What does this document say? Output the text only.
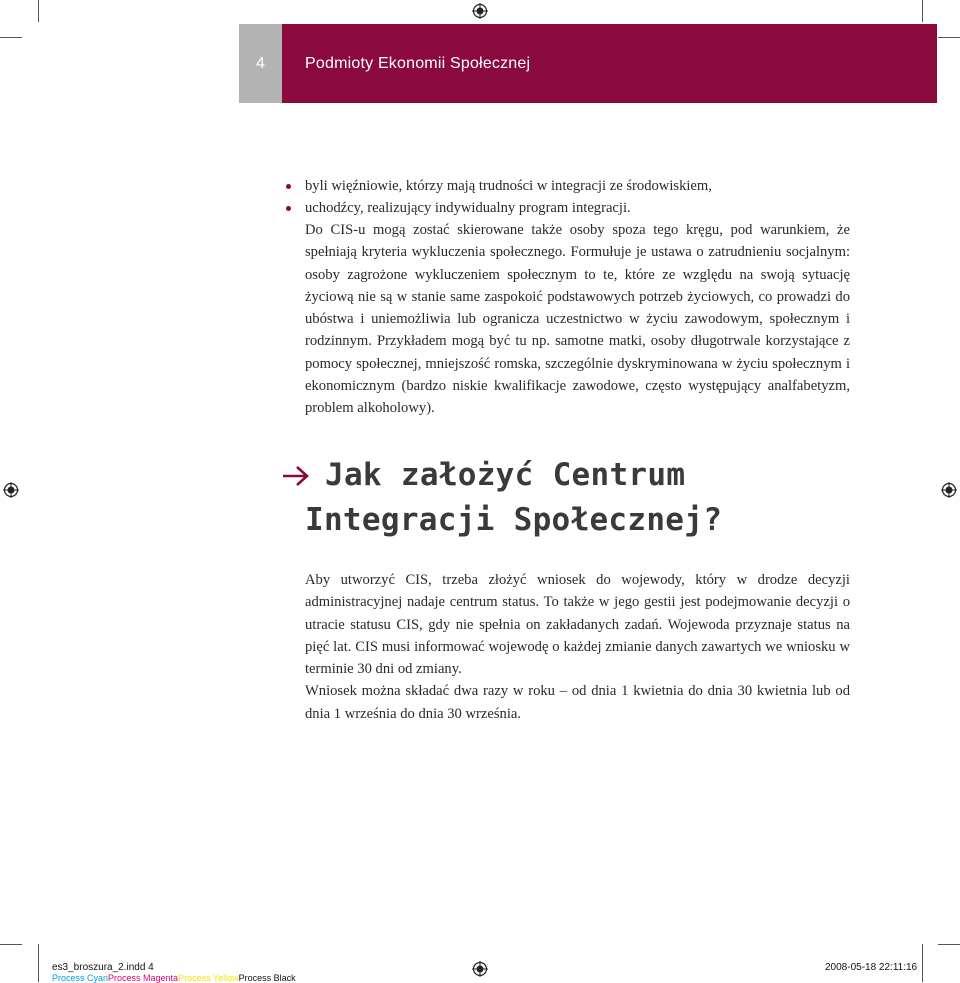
4	Podmioty Ekonomii Społecznej
byli więźniowie, którzy mają trudności w integracji ze środowiskiem,
uchodźcy, realizujący indywidualny program integracji.

Do CIS-u mogą zostać skierowane także osoby spoza tego kręgu, pod warunkiem, że spełniają kryteria wykluczenia społecznego. Formułuje je ustawa o zatrudnieniu socjalnym: osoby zagrożone wykluczeniem społecznym to te, które ze względu na swoją sytuację życiową nie są w stanie same zaspokoić podstawowych potrzeb życiowych, co prowadzi do ubóstwa i uniemożliwia lub ogranicza uczestnictwo w życiu zawodowym, społecznym i rodzinnym. Przykładem mogą być tu np. samotne matki, osoby długotrwale korzystające z pomocy społecznej, mniejszość romska, szczególnie dyskryminowana w życiu społecznym i ekonomicznym (bardzo niskie kwalifikacje zawodowe, często występujący analfabetyzm, problem alkoholowy).

Jak założyć Centrum Integracji Społecznej?

Aby utworzyć CIS, trzeba złożyć wniosek do wojewody, który w drodze decyzji administracyjnej nadaje centrum status. To także w jego gestii jest podejmowanie decyzji o utracie statusu CIS, gdy nie spełnia on zakładanych zadań. Wojewoda przyznaje status na pięć lat. CIS musi informować wojewodę o każdej zmianie danych zawartych we wniosku w terminie 30 dni od zmiany.

Wniosek można składać dwa razy w roku – od dnia 1 kwietnia do dnia 30 kwietnia lub od dnia 1 września do dnia 30 września.

es3_broszura_2.indd 4	2008-05-18 22:11:16
Process CyanProcess MagentaProcess YellowProcess Black
